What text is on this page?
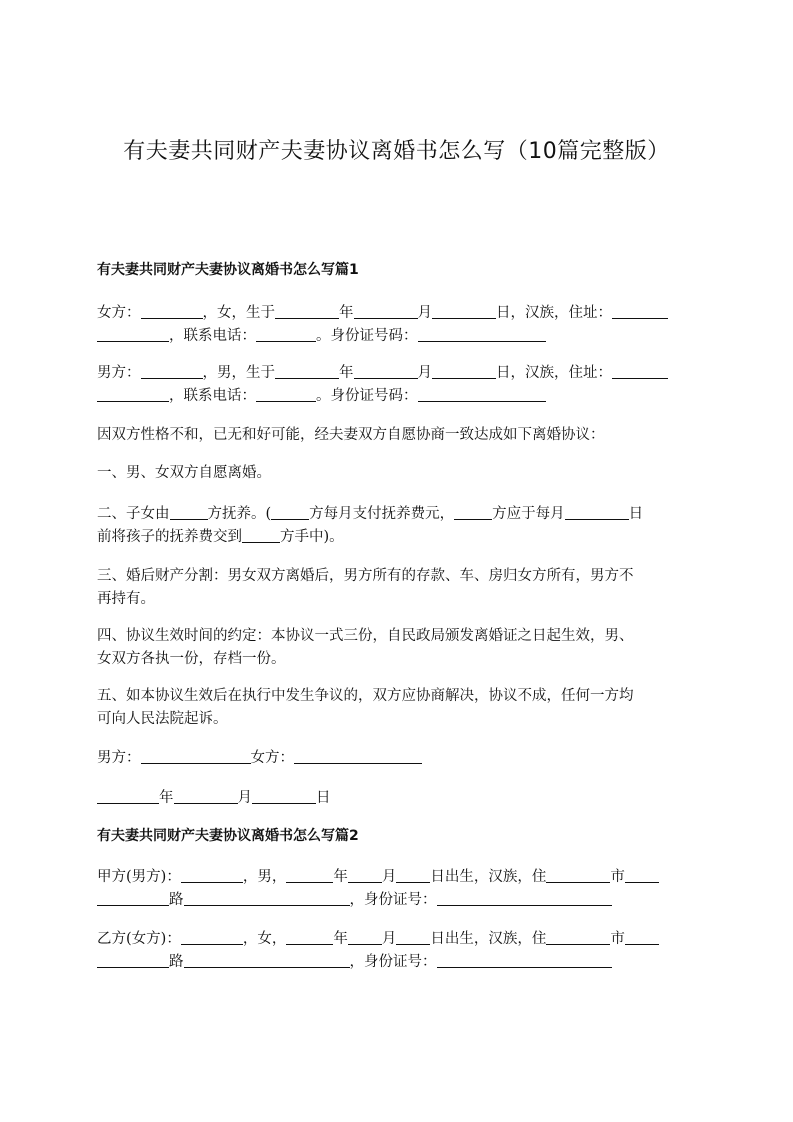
有夫妻共同财产夫妻协议离婚书怎么写（10篇完整版）
有夫妻共同财产夫妻协议离婚书怎么写篇1
女方：	，女，生于	年	月	日，汉族，住址：
，联系电话：	。身份证号码：
男方：	，男，生于	年	月	日，汉族，住址：
，联系电话：	。身份证号码：
因双方性格不和，已无和好可能，经夫妻双方自愿协商一致达成如下离婚协议：
一、男、女双方自愿离婚。
二、子女由	方抚养。(	方每月支付抚养费元，	方应于每月	日
前将孩子的抚养费交到	方手中)。
三、婚后财产分割：男女双方离婚后，男方所有的存款、车、房归女方所有，男方不
再持有。
四、协议生效时间的约定：本协议一式三份，自民政局颁发离婚证之日起生效，男、
女双方各执一份，存档一份。
五、如本协议生效后在执行中发生争议的，双方应协商解决，协议不成，任何一方均
可向人民法院起诉。
男方：	女方：
年	月	日
有夫妻共同财产夫妻协议离婚书怎么写篇2
甲方(男方)：	，男，	年 月 日出生，汉族，住	市
路	，身份证号：
乙方(女方)：	，女，	年 月 日出生，汉族，住	市
路	，身份证号：
